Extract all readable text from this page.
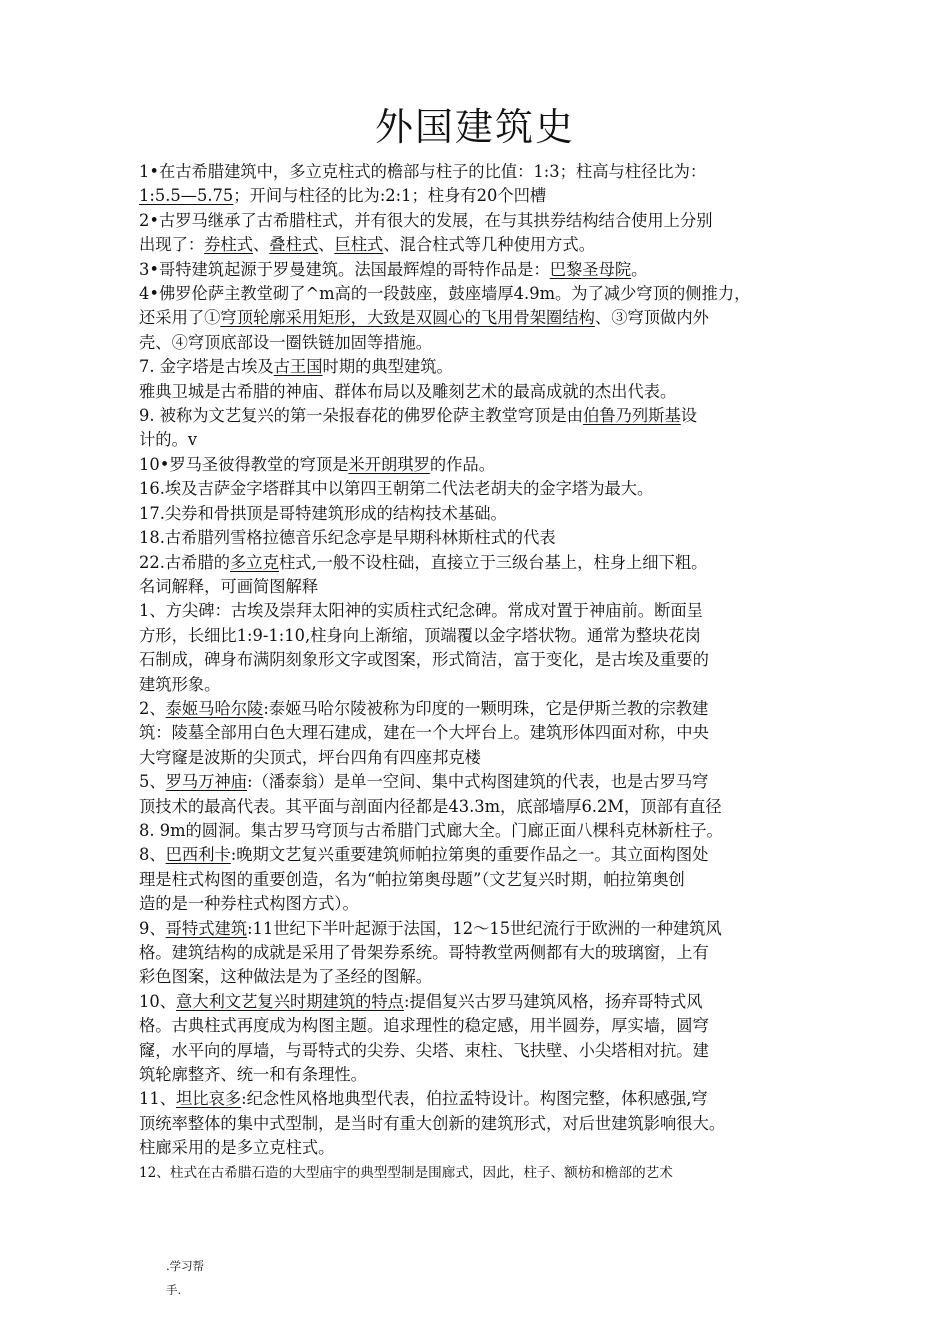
外国建筑史
1•在古希腊建筑中，多立克柱式的檐部与柱子的比值：1:3；柱高与柱径比为：
1:5.5—5.75；开间与柱径的比为:2:1；柱身有20个凹槽
2•古罗马继承了古希腊柱式，并有很大的发展，在与其拱券结构结合使用上分别
出现了：券柱式、叠柱式、巨柱式、混合柱式等几种使用方式。
3•哥特建筑起源于罗曼建筑。法国最辉煌的哥特作品是：巴黎圣母院。
4•佛罗伦萨主教堂砌了^m高的一段鼓座，鼓座墙厚4.9m。为了减少穹顶的侧推力，
还采用了①穹顶轮廓采用矩形，大致是双圆心的飞用骨架圈结构、③穹顶做内外
壳、④穹顶底部设一圈铁链加固等措施。
7. 金字塔是古埃及古王国时期的典型建筑。
雅典卫城是古希腊的神庙、群体布局以及雕刻艺术的最高成就的杰出代表。
9. 被称为文艺复兴的第一朵报春花的佛罗伦萨主教堂穹顶是由伯鲁乃列斯基设
计的。v
10•罗马圣彼得教堂的穹顶是米开朗琪罗的作品。
16.埃及吉萨金字塔群其中以第四王朝第二代法老胡夫的金字塔为最大。
17.尖券和骨拱顶是哥特建筑形成的结构技术基础。
18.古希腊列雪格拉德音乐纪念亭是早期科林斯柱式的代表
22.古希腊的多立克柱式,一般不设柱础，直接立于三级台基上，柱身上细下粗。
名词解释，可画简图解释
1、方尖碑：古埃及崇拜太阳神的实质柱式纪念碑。常成对置于神庙前。断面呈
方形，长细比1:9-1:10,柱身向上渐缩，顶端覆以金字塔状物。通常为整块花岗
石制成，碑身布满阴刻象形文字或图案，形式简洁，富于变化，是古埃及重要的
建筑形象。
2、泰姬马哈尔陵:泰姬马哈尔陵被称为印度的一颗明珠，它是伊斯兰教的宗教建
筑：陵墓全部用白色大理石建成，建在一个大坪台上。建筑形体四面对称，中央
大穹窿是波斯的尖顶式，坪台四角有四座邦克楼
5、罗马万神庙:（潘泰翁）是单一空间、集中式构图建筑的代表，也是古罗马穹
顶技术的最高代表。其平面与剖面内径都是43.3m，底部墙厚6.2M，顶部有直径
8. 9m的圆洞。集古罗马穹顶与古希腊门式廊大全。门廊正面八棵科克林新柱子。
8、巴西利卡:晚期文艺复兴重要建筑师帕拉第奥的重要作品之一。其立面构图处
理是柱式构图的重要创造，名为“帕拉第奥母题”（文艺复兴时期，帕拉第奥创
造的是一种券柱式构图方式）。
9、哥特式建筑:11世纪下半叶起源于法国，12〜15世纪流行于欧洲的一种建筑风
格。建筑结构的成就是采用了骨架券系统。哥特教堂两侧都有大的玻璃窗，上有
彩色图案，这种做法是为了圣经的图解。
10、意大利文艺复兴时期建筑的特点:提倡复兴古罗马建筑风格，扬弃哥特式风
格。古典柱式再度成为构图主题。追求理性的稳定感，用半圆券，厚实墙，圆穹
窿，水平向的厚墙，与哥特式的尖券、尖塔、束柱、飞扶壁、小尖塔相对抗。建
筑轮廓整齐、统一和有条理性。
11、坦比哀多:纪念性风格地典型代表，伯拉孟特设计。构图完整，体积感强,穹
顶统率整体的集中式型制，是当时有重大创新的建筑形式，对后世建筑影响很大。
柱廊采用的是多立克柱式。
12、柱式在古希腊石造的大型庙宇的典型型制是围廊式，因此，柱子、额枋和檐部的艺术
.学习帮
手.
